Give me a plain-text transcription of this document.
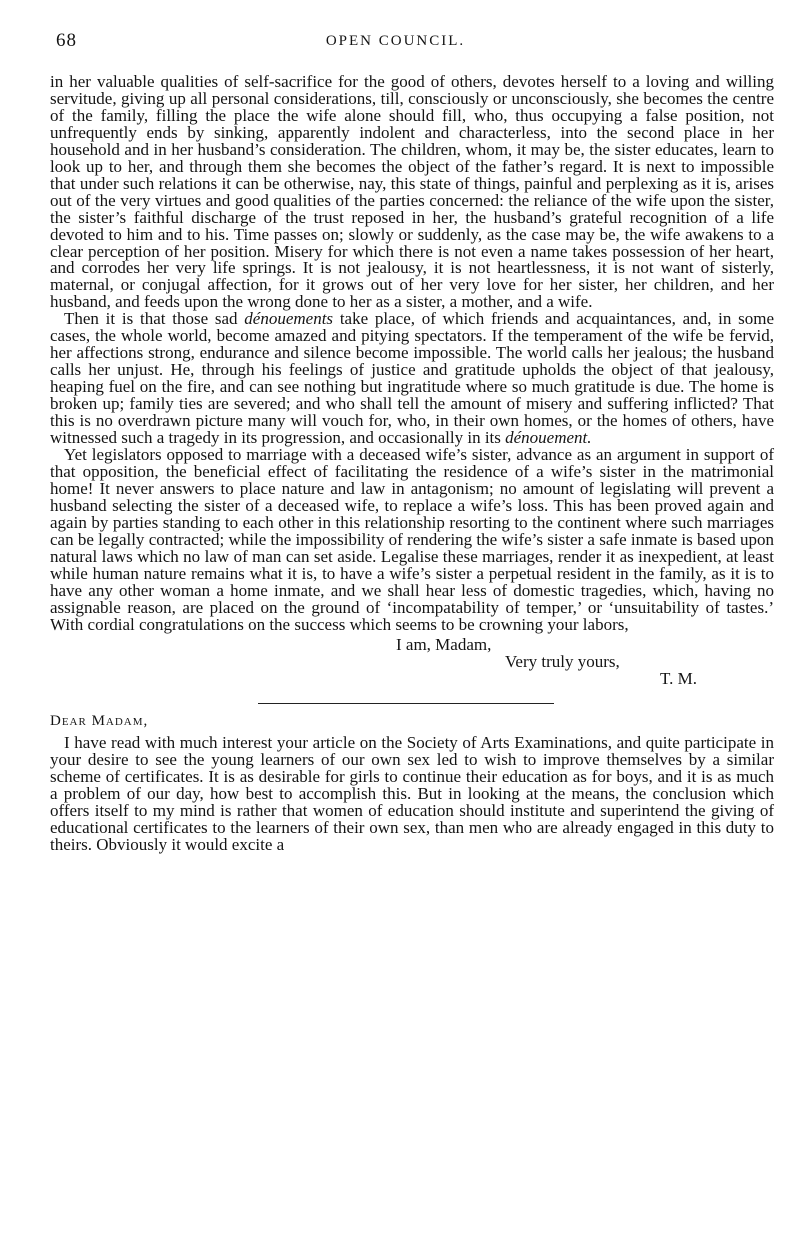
68	OPEN COUNCIL.

in her valuable qualities of self-sacrifice for the good of others, devotes herself to a loving and willing servitude, giving up all personal considerations, till, consciously or unconsciously, she becomes the centre of the family, filling the place the wife alone should fill, who, thus occupying a false position, not unfrequently ends by sinking, apparently indolent and characterless, into the second place in her household and in her husband’s consideration. The children, whom, it may be, the sister educates, learn to look up to her, and through them she becomes the object of the father’s regard. It is next to impossible that under such relations it can be otherwise, nay, this state of things, painful and perplexing as it is, arises out of the very virtues and good qualities of the parties concerned: the reliance of the wife upon the sister, the sister’s faithful discharge of the trust reposed in her, the husband’s grateful recognition of a life devoted to him and to his. Time passes on; slowly or suddenly, as the case may be, the wife awakens to a clear perception of her position. Misery for which there is not even a name takes possession of her heart, and corrodes her very life springs. It is not jealousy, it is not heartlessness, it is not want of sisterly, maternal, or conjugal affection, for it grows out of her very love for her sister, her children, and her husband, and feeds upon the wrong done to her as a sister, a mother, and a wife.

Then it is that those sad dénouements take place, of which friends and acquaintances, and, in some cases, the whole world, become amazed and pitying spectators. If the temperament of the wife be fervid, her affections strong, endurance and silence become impossible. The world calls her jealous; the husband calls her unjust. He, through his feelings of justice and gratitude upholds the object of that jealousy, heaping fuel on the fire, and can see nothing but ingratitude where so much gratitude is due. The home is broken up; family ties are severed; and who shall tell the amount of misery and suffering inflicted? That this is no overdrawn picture many will vouch for, who, in their own homes, or the homes of others, have witnessed such a tragedy in its progression, and occasionally in its dénouement.

Yet legislators opposed to marriage with a deceased wife’s sister, advance as an argument in support of that opposition, the beneficial effect of facilitating the residence of a wife’s sister in the matrimonial home! It never answers to place nature and law in antagonism; no amount of legislating will prevent a husband selecting the sister of a deceased wife, to replace a wife’s loss. This has been proved again and again by parties standing to each other in this relationship resorting to the continent where such marriages can be legally contracted; while the impossibility of rendering the wife’s sister a safe inmate is based upon natural laws which no law of man can set aside. Legalise these marriages, render it as inexpedient, at least while human nature remains what it is, to have a wife’s sister a perpetual resident in the family, as it is to have any other woman a home inmate, and we shall hear less of domestic tragedies, which, having no assignable reason, are placed on the ground of ‘incompatability of temper,’ or ‘unsuitability of tastes.’ With cordial congratulations on the success which seems to be crowning your labors,

I am, Madam,
Very truly yours,
T. M.
Dear Madam,

I have read with much interest your article on the Society of Arts Examinations, and quite participate in your desire to see the young learners of our own sex led to wish to improve themselves by a similar scheme of certificates. It is as desirable for girls to continue their education as for boys, and it is as much a problem of our day, how best to accomplish this. But in looking at the means, the conclusion which offers itself to my mind is rather that women of education should institute and superintend the giving of educational certificates to the learners of their own sex, than men who are already engaged in this duty to theirs. Obviously it would excite a
